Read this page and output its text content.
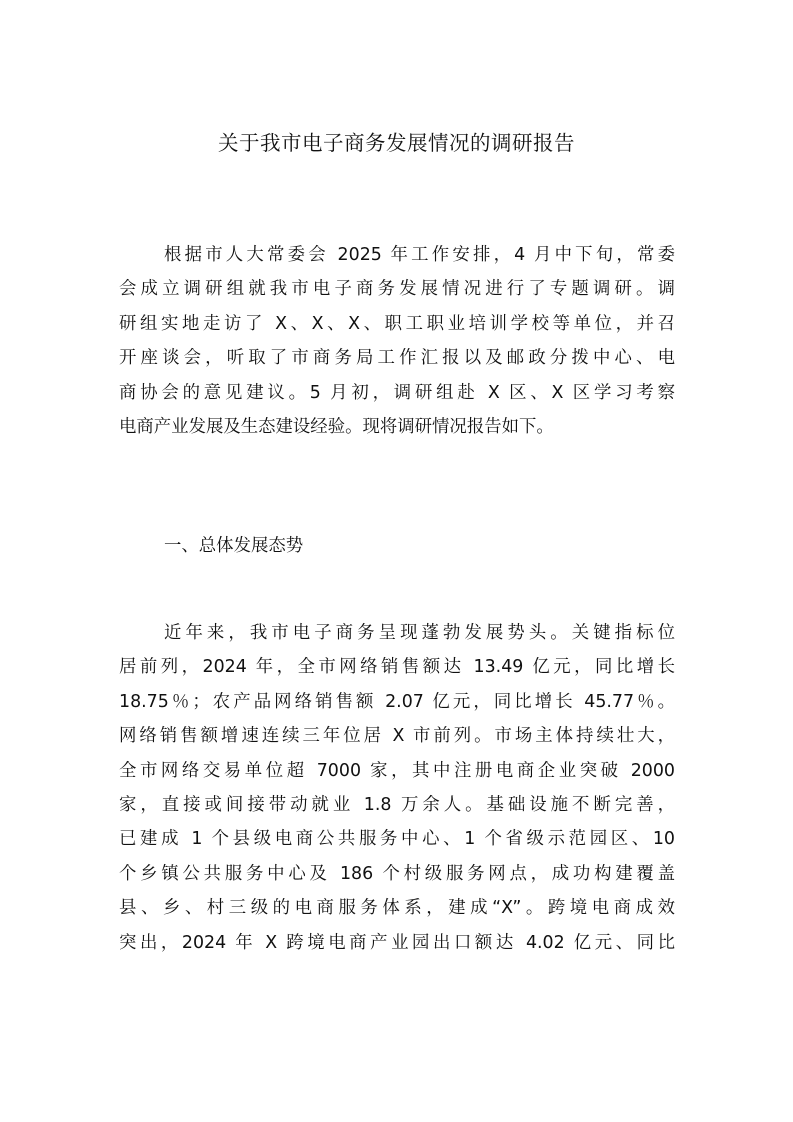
关于我市电子商务发展情况的调研报告
根据市人大常委会 2025 年工作安排，4 月中下旬，常委
会成立调研组就我市电子商务发展情况进行了专题调研。调
研组实地走访了 X、X、X、职工职业培训学校等单位，并召
开座谈会，听取了市商务局工作汇报以及邮政分拨中心、电
商协会的意见建议。5 月初，调研组赴 X 区、X 区学习考察
电商产业发展及生态建设经验。现将调研情况报告如下。
一、总体发展态势
近年来，我市电子商务呈现蓬勃发展势头。关键指标位
居前列，2024 年，全市网络销售额达 13.49 亿元，同比增长
18.75％；农产品网络销售额 2.07 亿元，同比增长 45.77％。
网络销售额增速连续三年位居 X 市前列。市场主体持续壮大，
全市网络交易单位超 7000 家，其中注册电商企业突破 2000
家，直接或间接带动就业 1.8 万余人。基础设施不断完善，
已建成 1 个县级电商公共服务中心、1 个省级示范园区、10
个乡镇公共服务中心及 186 个村级服务网点，成功构建覆盖
县、乡、村三级的电商服务体系，建成“X”。跨境电商成效
突出，2024 年 X 跨境电商产业园出口额达 4.02 亿元、同比
